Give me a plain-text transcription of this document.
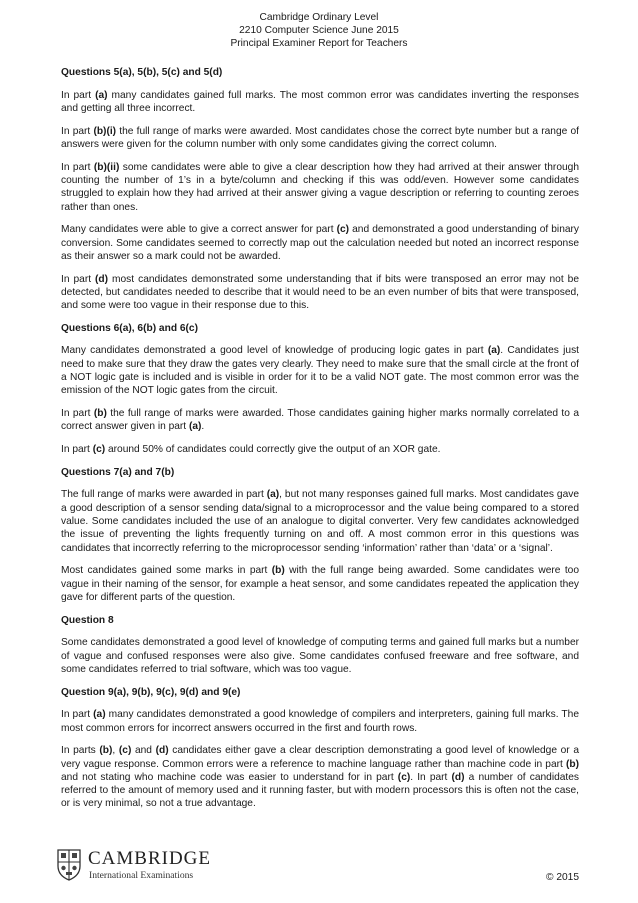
Cambridge Ordinary Level
2210 Computer Science June 2015
Principal Examiner Report for Teachers

Questions 5(a), 5(b), 5(c) and 5(d)

In part (a) many candidates gained full marks. The most common error was candidates inverting the responses and getting all three incorrect.

In part (b)(i) the full range of marks were awarded. Most candidates chose the correct byte number but a range of answers were given for the column number with only some candidates giving the correct column.

In part (b)(ii) some candidates were able to give a clear description how they had arrived at their answer through counting the number of 1’s in a byte/column and checking if this was odd/even. However some candidates struggled to explain how they had arrived at their answer giving a vague description or referring to counting zeroes rather than ones.

Many candidates were able to give a correct answer for part (c) and demonstrated a good understanding of binary conversion. Some candidates seemed to correctly map out the calculation needed but noted an incorrect response as their answer so a mark could not be awarded.

In part (d) most candidates demonstrated some understanding that if bits were transposed an error may not be detected, but candidates needed to describe that it would need to be an even number of bits that were transposed, and some were too vague in their response due to this.

Questions 6(a), 6(b) and 6(c)

Many candidates demonstrated a good level of knowledge of producing logic gates in part (a). Candidates just need to make sure that they draw the gates very clearly. They need to make sure that the small circle at the front of a NOT logic gate is included and is visible in order for it to be a valid NOT gate. The most common error was the emission of the NOT logic gates from the circuit.

In part (b) the full range of marks were awarded. Those candidates gaining higher marks normally correlated to a correct answer given in part (a).

In part (c) around 50% of candidates could correctly give the output of an XOR gate.

Questions 7(a) and 7(b)

The full range of marks were awarded in part (a), but not many responses gained full marks. Most candidates gave a good description of a sensor sending data/signal to a microprocessor and the value being compared to a stored value. Some candidates included the use of an analogue to digital converter. Very few candidates acknowledged the issue of preventing the lights frequently turning on and off. A most common error in this questions was candidates that incorrectly referring to the microprocessor sending ‘information’ rather than ‘data’ or a ‘signal’.

Most candidates gained some marks in part (b) with the full range being awarded. Some candidates were too vague in their naming of the sensor, for example a heat sensor, and some candidates repeated the application they gave for different parts of the question.

Question 8

Some candidates demonstrated a good level of knowledge of computing terms and gained full marks but a number of vague and confused responses were also give. Some candidates confused freeware and free software, and some candidates referred to trial software, which was too vague.

Question 9(a), 9(b), 9(c), 9(d) and 9(e)

In part (a) many candidates demonstrated a good knowledge of compilers and interpreters, gaining full marks. The most common errors for incorrect answers occurred in the first and fourth rows.

In parts (b), (c) and (d) candidates either gave a clear description demonstrating a good level of knowledge or a very vague response. Common errors were a reference to machine language rather than machine code in part (b) and not stating who machine code was easier to understand for in part (c). In part (d) a number of candidates referred to the amount of memory used and it running faster, but with modern processors this is often not the case, or is very minimal, so not a true advantage.

CAMBRIDGE
International Examinations	© 2015
